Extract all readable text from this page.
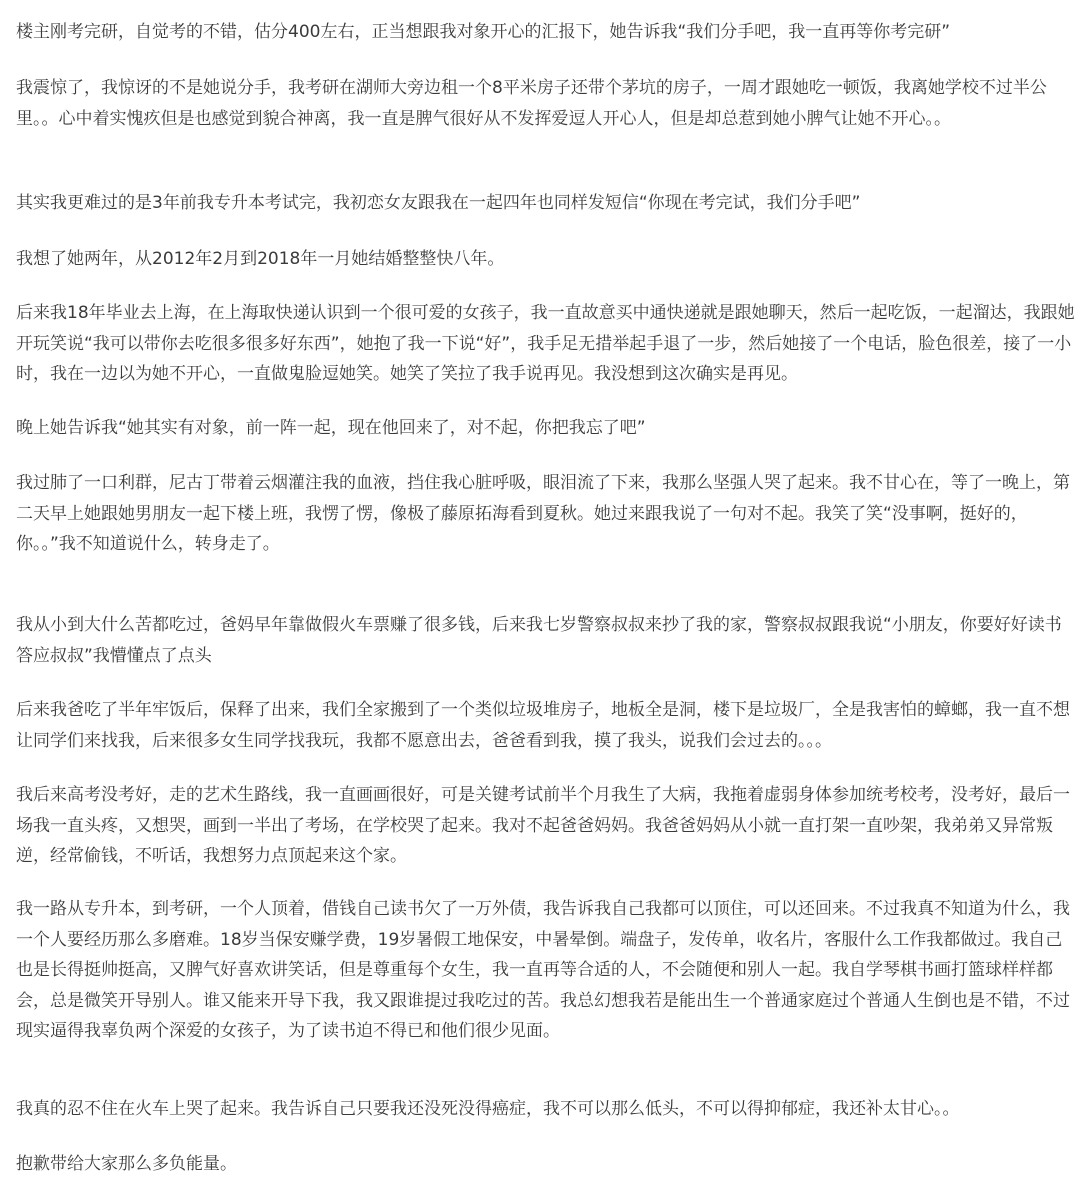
楼主刚考完研，自觉考的不错，估分400左右，正当想跟我对象开心的汇报下，她告诉我“我们分手吧，我一直再等你考完研”

我震惊了，我惊讶的不是她说分手，我考研在湖师大旁边租一个8平米房子还带个茅坑的房子，一周才跟她吃一顿饭，我离她学校不过半公里。。心中着实愧疚但是也感觉到貌合神离，我一直是脾气很好从不发挥爱逗人开心人，但是却总惹到她小脾气让她不开心。。

其实我更难过的是3年前我专升本考试完，我初恋女友跟我在一起四年也同样发短信“你现在考完试，我们分手吧”

我想了她两年，从2012年2月到2018年一月她结婚整整快八年。

后来我18年毕业去上海，在上海取快递认识到一个很可爱的女孩子，我一直故意买中通快递就是跟她聊天，然后一起吃饭，一起溜达，我跟她开玩笑说“我可以带你去吃很多很多好东西”，她抱了我一下说“好”，我手足无措举起手退了一步，然后她接了一个电话，脸色很差，接了一小时，我在一边以为她不开心，一直做鬼脸逗她笑。她笑了笑拉了我手说再见。我没想到这次确实是再见。

晚上她告诉我“她其实有对象，前一阵一起，现在他回来了，对不起，你把我忘了吧”

我过肺了一口利群，尼古丁带着云烟灌注我的血液，挡住我心脏呼吸，眼泪流了下来，我那么坚强人哭了起来。我不甘心在，等了一晚上，第二天早上她跟她男朋友一起下楼上班，我愣了愣，像极了藤原拓海看到夏秋。她过来跟我说了一句对不起。我笑了笑“没事啊，挺好的，你。。”我不知道说什么，转身走了。

我从小到大什么苦都吃过，爸妈早年靠做假火车票赚了很多钱，后来我七岁警察叔叔来抄了我的家，警察叔叔跟我说“小朋友，你要好好读书答应叔叔”我懵懂点了点头

后来我爸吃了半年牢饭后，保释了出来，我们全家搬到了一个类似垃圾堆房子，地板全是洞，楼下是垃圾厂，全是我害怕的蟑螂，我一直不想让同学们来找我，后来很多女生同学找我玩，我都不愿意出去，爸爸看到我，摸了我头，说我们会过去的。。。

我后来高考没考好，走的艺术生路线，我一直画画很好，可是关键考试前半个月我生了大病，我拖着虚弱身体参加统考校考，没考好，最后一场我一直头疼，又想哭，画到一半出了考场，在学校哭了起来。我对不起爸爸妈妈。我爸爸妈妈从小就一直打架一直吵架，我弟弟又异常叛逆，经常偷钱，不听话，我想努力点顶起来这个家。

我一路从专升本，到考研，一个人顶着，借钱自己读书欠了一万外债，我告诉我自己我都可以顶住，可以还回来。不过我真不知道为什么，我一个人要经历那么多磨难。18岁当保安赚学费，19岁暑假工地保安，中暑晕倒。端盘子，发传单，收名片，客服什么工作我都做过。我自己也是长得挺帅挺高，又脾气好喜欢讲笑话，但是尊重每个女生，我一直再等合适的人，不会随便和别人一起。我自学琴棋书画打篮球样样都会，总是微笑开导别人。谁又能来开导下我，我又跟谁提过我吃过的苦。我总幻想我若是能出生一个普通家庭过个普通人生倒也是不错，不过现实逼得我辜负两个深爱的女孩子，为了读书迫不得已和他们很少见面。

我真的忍不住在火车上哭了起来。我告诉自己只要我还没死没得癌症，我不可以那么低头，不可以得抑郁症，我还补太甘心。。

抱歉带给大家那么多负能量。
